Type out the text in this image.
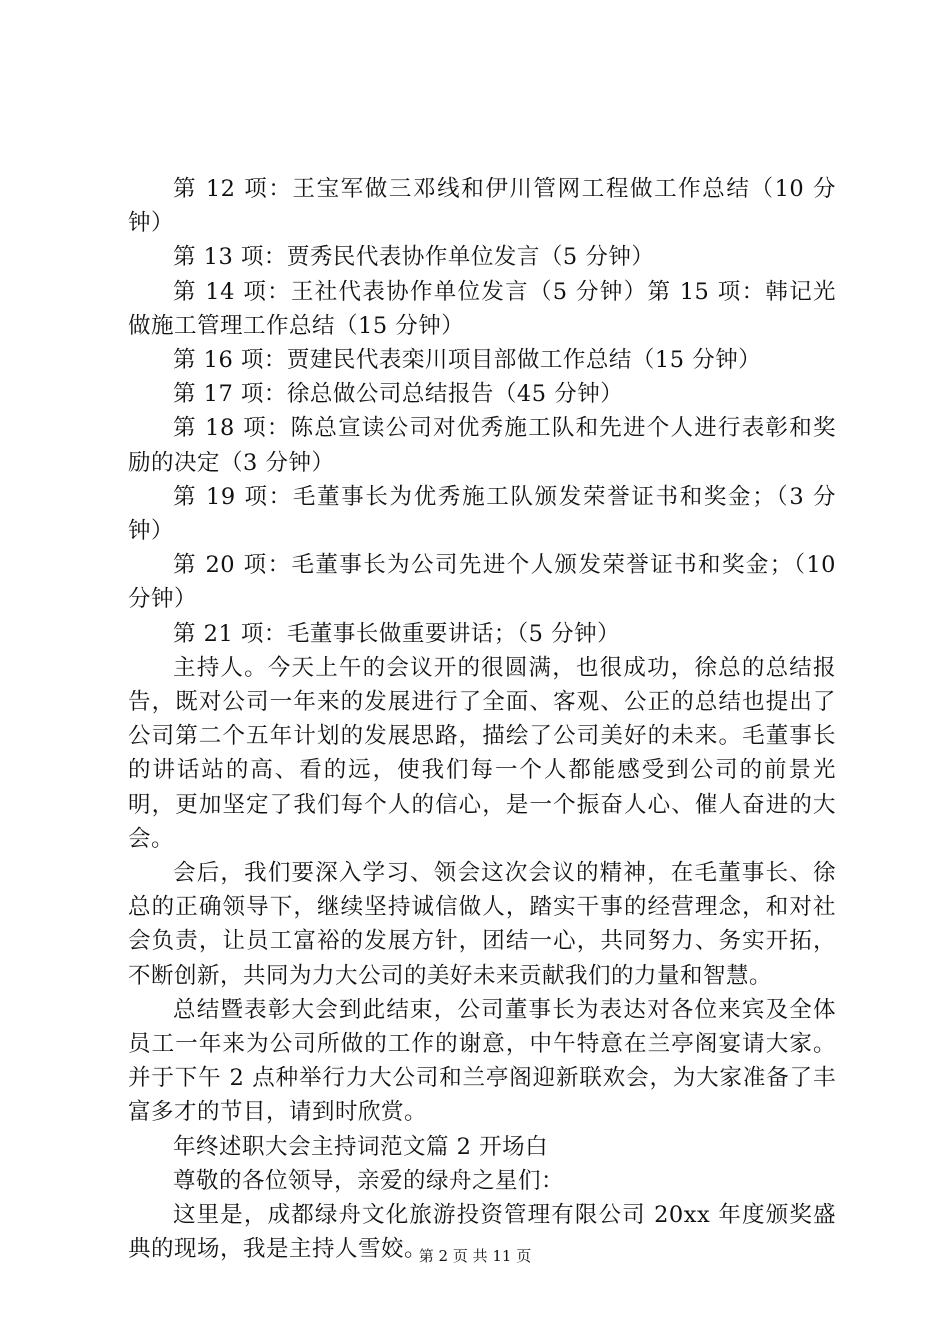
第 12 项：王宝军做三邓线和伊川管网工程做工作总结（10 分钟）

第 13 项：贾秀民代表协作单位发言（5 分钟）

第 14 项：王社代表协作单位发言（5 分钟）第 15 项：韩记光做施工管理工作总结（15 分钟）

第 16 项：贾建民代表栾川项目部做工作总结（15 分钟）

第 17 项：徐总做公司总结报告（45 分钟）

第 18 项：陈总宣读公司对优秀施工队和先进个人进行表彰和奖励的决定（3 分钟）

第 19 项：毛董事长为优秀施工队颁发荣誉证书和奖金；（3 分钟）

第 20 项：毛董事长为公司先进个人颁发荣誉证书和奖金；（10 分钟）

第 21 项：毛董事长做重要讲话；（5 分钟）

主持人。今天上午的会议开的很圆满，也很成功，徐总的总结报告，既对公司一年来的发展进行了全面、客观、公正的总结也提出了公司第二个五年计划的发展思路，描绘了公司美好的未来。毛董事长的讲话站的高、看的远，使我们每一个人都能感受到公司的前景光明，更加坚定了我们每个人的信心，是一个振奋人心、催人奋进的大会。

会后，我们要深入学习、领会这次会议的精神，在毛董事长、徐总的正确领导下，继续坚持诚信做人，踏实干事的经营理念，和对社会负责，让员工富裕的发展方针，团结一心，共同努力、务实开拓，不断创新，共同为力大公司的美好未来贡献我们的力量和智慧。

总结暨表彰大会到此结束，公司董事长为表达对各位来宾及全体员工一年来为公司所做的工作的谢意，中午特意在兰亭阁宴请大家。并于下午 2 点种举行力大公司和兰亭阁迎新联欢会，为大家准备了丰富多才的节目，请到时欣赏。

年终述职大会主持词范文篇 2 开场白

尊敬的各位领导，亲爱的绿舟之星们：

这里是，成都绿舟文化旅游投资管理有限公司 20xx 年度颁奖盛典的现场，我是主持人雪姣。

第 2 页 共 11 页
